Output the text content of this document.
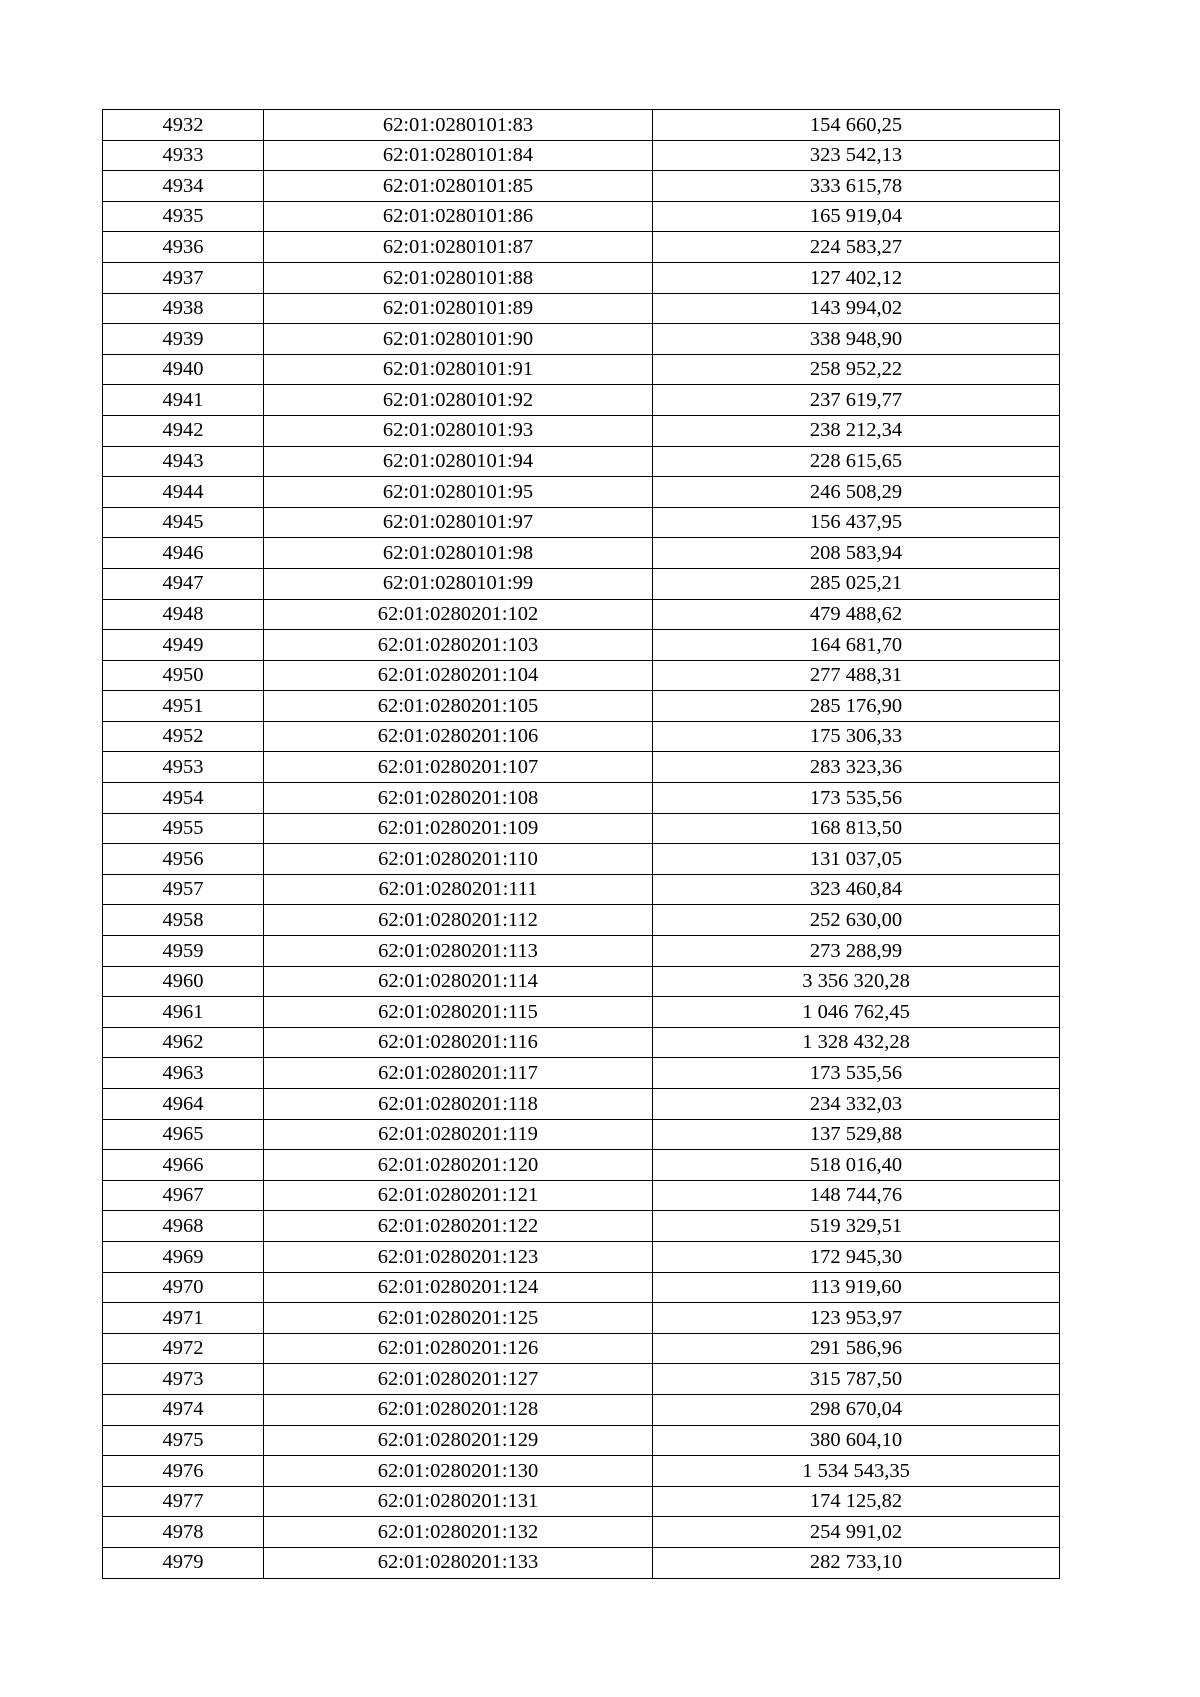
4932	62:01:0280101:83	154 660,25
4933	62:01:0280101:84	323 542,13
4934	62:01:0280101:85	333 615,78
4935	62:01:0280101:86	165 919,04
4936	62:01:0280101:87	224 583,27
4937	62:01:0280101:88	127 402,12
4938	62:01:0280101:89	143 994,02
4939	62:01:0280101:90	338 948,90
4940	62:01:0280101:91	258 952,22
4941	62:01:0280101:92	237 619,77
4942	62:01:0280101:93	238 212,34
4943	62:01:0280101:94	228 615,65
4944	62:01:0280101:95	246 508,29
4945	62:01:0280101:97	156 437,95
4946	62:01:0280101:98	208 583,94
4947	62:01:0280101:99	285 025,21
4948	62:01:0280201:102	479 488,62
4949	62:01:0280201:103	164 681,70
4950	62:01:0280201:104	277 488,31
4951	62:01:0280201:105	285 176,90
4952	62:01:0280201:106	175 306,33
4953	62:01:0280201:107	283 323,36
4954	62:01:0280201:108	173 535,56
4955	62:01:0280201:109	168 813,50
4956	62:01:0280201:110	131 037,05
4957	62:01:0280201:111	323 460,84
4958	62:01:0280201:112	252 630,00
4959	62:01:0280201:113	273 288,99
4960	62:01:0280201:114	3 356 320,28
4961	62:01:0280201:115	1 046 762,45
4962	62:01:0280201:116	1 328 432,28
4963	62:01:0280201:117	173 535,56
4964	62:01:0280201:118	234 332,03
4965	62:01:0280201:119	137 529,88
4966	62:01:0280201:120	518 016,40
4967	62:01:0280201:121	148 744,76
4968	62:01:0280201:122	519 329,51
4969	62:01:0280201:123	172 945,30
4970	62:01:0280201:124	113 919,60
4971	62:01:0280201:125	123 953,97
4972	62:01:0280201:126	291 586,96
4973	62:01:0280201:127	315 787,50
4974	62:01:0280201:128	298 670,04
4975	62:01:0280201:129	380 604,10
4976	62:01:0280201:130	1 534 543,35
4977	62:01:0280201:131	174 125,82
4978	62:01:0280201:132	254 991,02
4979	62:01:0280201:133	282 733,10
